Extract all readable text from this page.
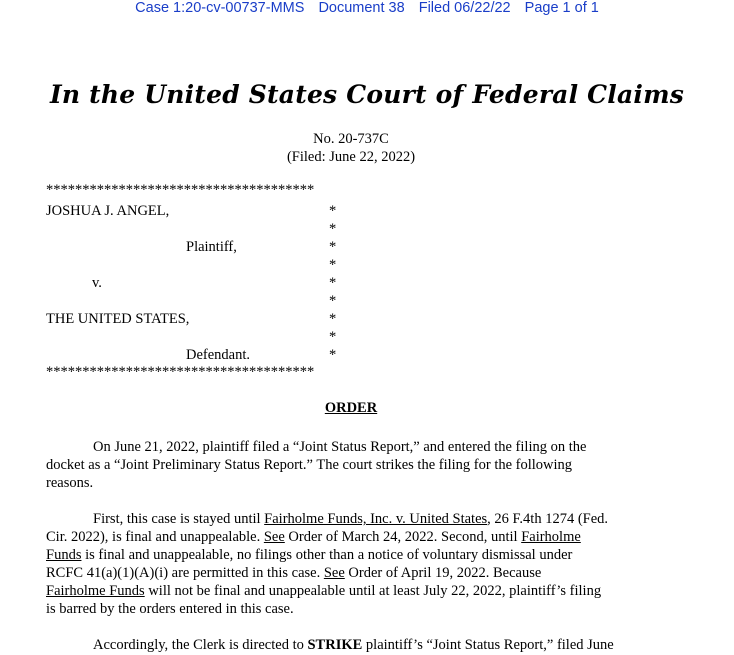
Case 1:20-cv-00737-MMS Document 38 Filed 06/22/22 Page 1 of 1
In the United States Court of Federal Claims
No. 20-737C
(Filed: June 22, 2022)
*************************************
JOSHUA J. ANGEL,	*
*
Plaintiff,	*
*
v.	*
*
THE UNITED STATES,	*
*
Defendant.	*
*************************************
ORDER
On June 21, 2022, plaintiff filed a “Joint Status Report,” and entered the filing on the
docket as a “Joint Preliminary Status Report.” The court strikes the filing for the following
reasons.
First, this case is stayed until Fairholme Funds, Inc. v. United States, 26 F.4th 1274 (Fed.
Cir. 2022), is final and unappealable. See Order of March 24, 2022. Second, until Fairholme
Funds is final and unappealable, no filings other than a notice of voluntary dismissal under
RCFC 41(a)(1)(A)(i) are permitted in this case. See Order of April 19, 2022. Because
Fairholme Funds will not be final and unappealable until at least July 22, 2022, plaintiff’s filing
is barred by the orders entered in this case.
Accordingly, the Clerk is directed to STRIKE plaintiff’s “Joint Status Report,” filed June
